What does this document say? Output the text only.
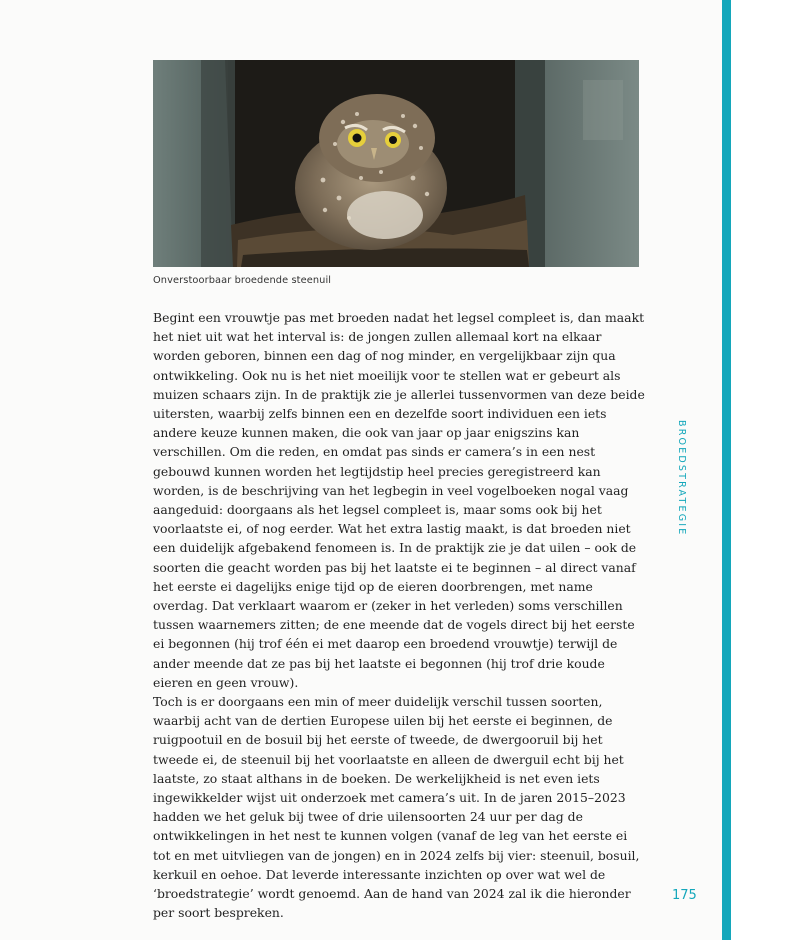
Onverstoorbaar broedende steenuil

Begint een vrouwtje pas met broeden nadat het legsel compleet is, dan maakt het niet uit wat het interval is: de jongen zullen allemaal kort na elkaar worden geboren, binnen een dag of nog minder, en vergelijkbaar zijn qua ontwikkeling. Ook nu is het niet moeilijk voor te stellen wat er gebeurt als muizen schaars zijn. In de praktijk zie je allerlei tussenvormen van deze beide uitersten, waarbij zelfs binnen een en dezelfde soort individuen een iets andere keuze kunnen maken, die ook van jaar op jaar enigszins kan verschillen. Om die reden, en omdat pas sinds er camera’s in een nest gebouwd kunnen worden het legtijdstip heel precies geregistreerd kan worden, is de beschrijving van het legbegin in veel vogelboeken nogal vaag aangeduid: doorgaans als het legsel compleet is, maar soms ook bij het voorlaatste ei, of nog eerder. Wat het extra lastig maakt, is dat broeden niet een duidelijk afgebakend fenomeen is. In de praktijk zie je dat uilen – ook de soorten die geacht worden pas bij het laatste ei te beginnen – al direct vanaf het eerste ei dagelijks enige tijd op de eieren doorbrengen, met name overdag. Dat verklaart waarom er (zeker in het verleden) soms verschillen tussen waarnemers zitten; de ene meende dat de vogels direct bij het eerste ei begonnen (hij trof één ei met daarop een broedend vrouwtje) terwijl de ander meende dat ze pas bij het laatste ei begonnen (hij trof drie koude eieren en geen vrouw).

Toch is er doorgaans een min of meer duidelijk verschil tussen soorten, waarbij acht van de dertien Europese uilen bij het eerste ei beginnen, de ruigpootuil en de bosuil bij het eerste of tweede, de dwergooruil bij het tweede ei, de steenuil bij het voorlaatste en alleen de dwerguil echt bij het laatste, zo staat althans in de boeken. De werkelijkheid is net even iets ingewikkelder wijst uit onderzoek met camera’s uit. In de jaren 2015–2023 hadden we het geluk bij twee of drie uilensoorten 24 uur per dag de ontwikkelingen in het nest te kunnen volgen (vanaf de leg van het eerste ei tot en met uitvliegen van de jongen) en in 2024 zelfs bij vier: steenuil, bosuil, kerkuil en oehoe. Dat leverde interessante inzichten op over wat wel de ‘broedstrategie’ wordt genoemd. Aan de hand van 2024 zal ik die hieronder per soort bespreken.

BROEDSTRATEGIE
175
